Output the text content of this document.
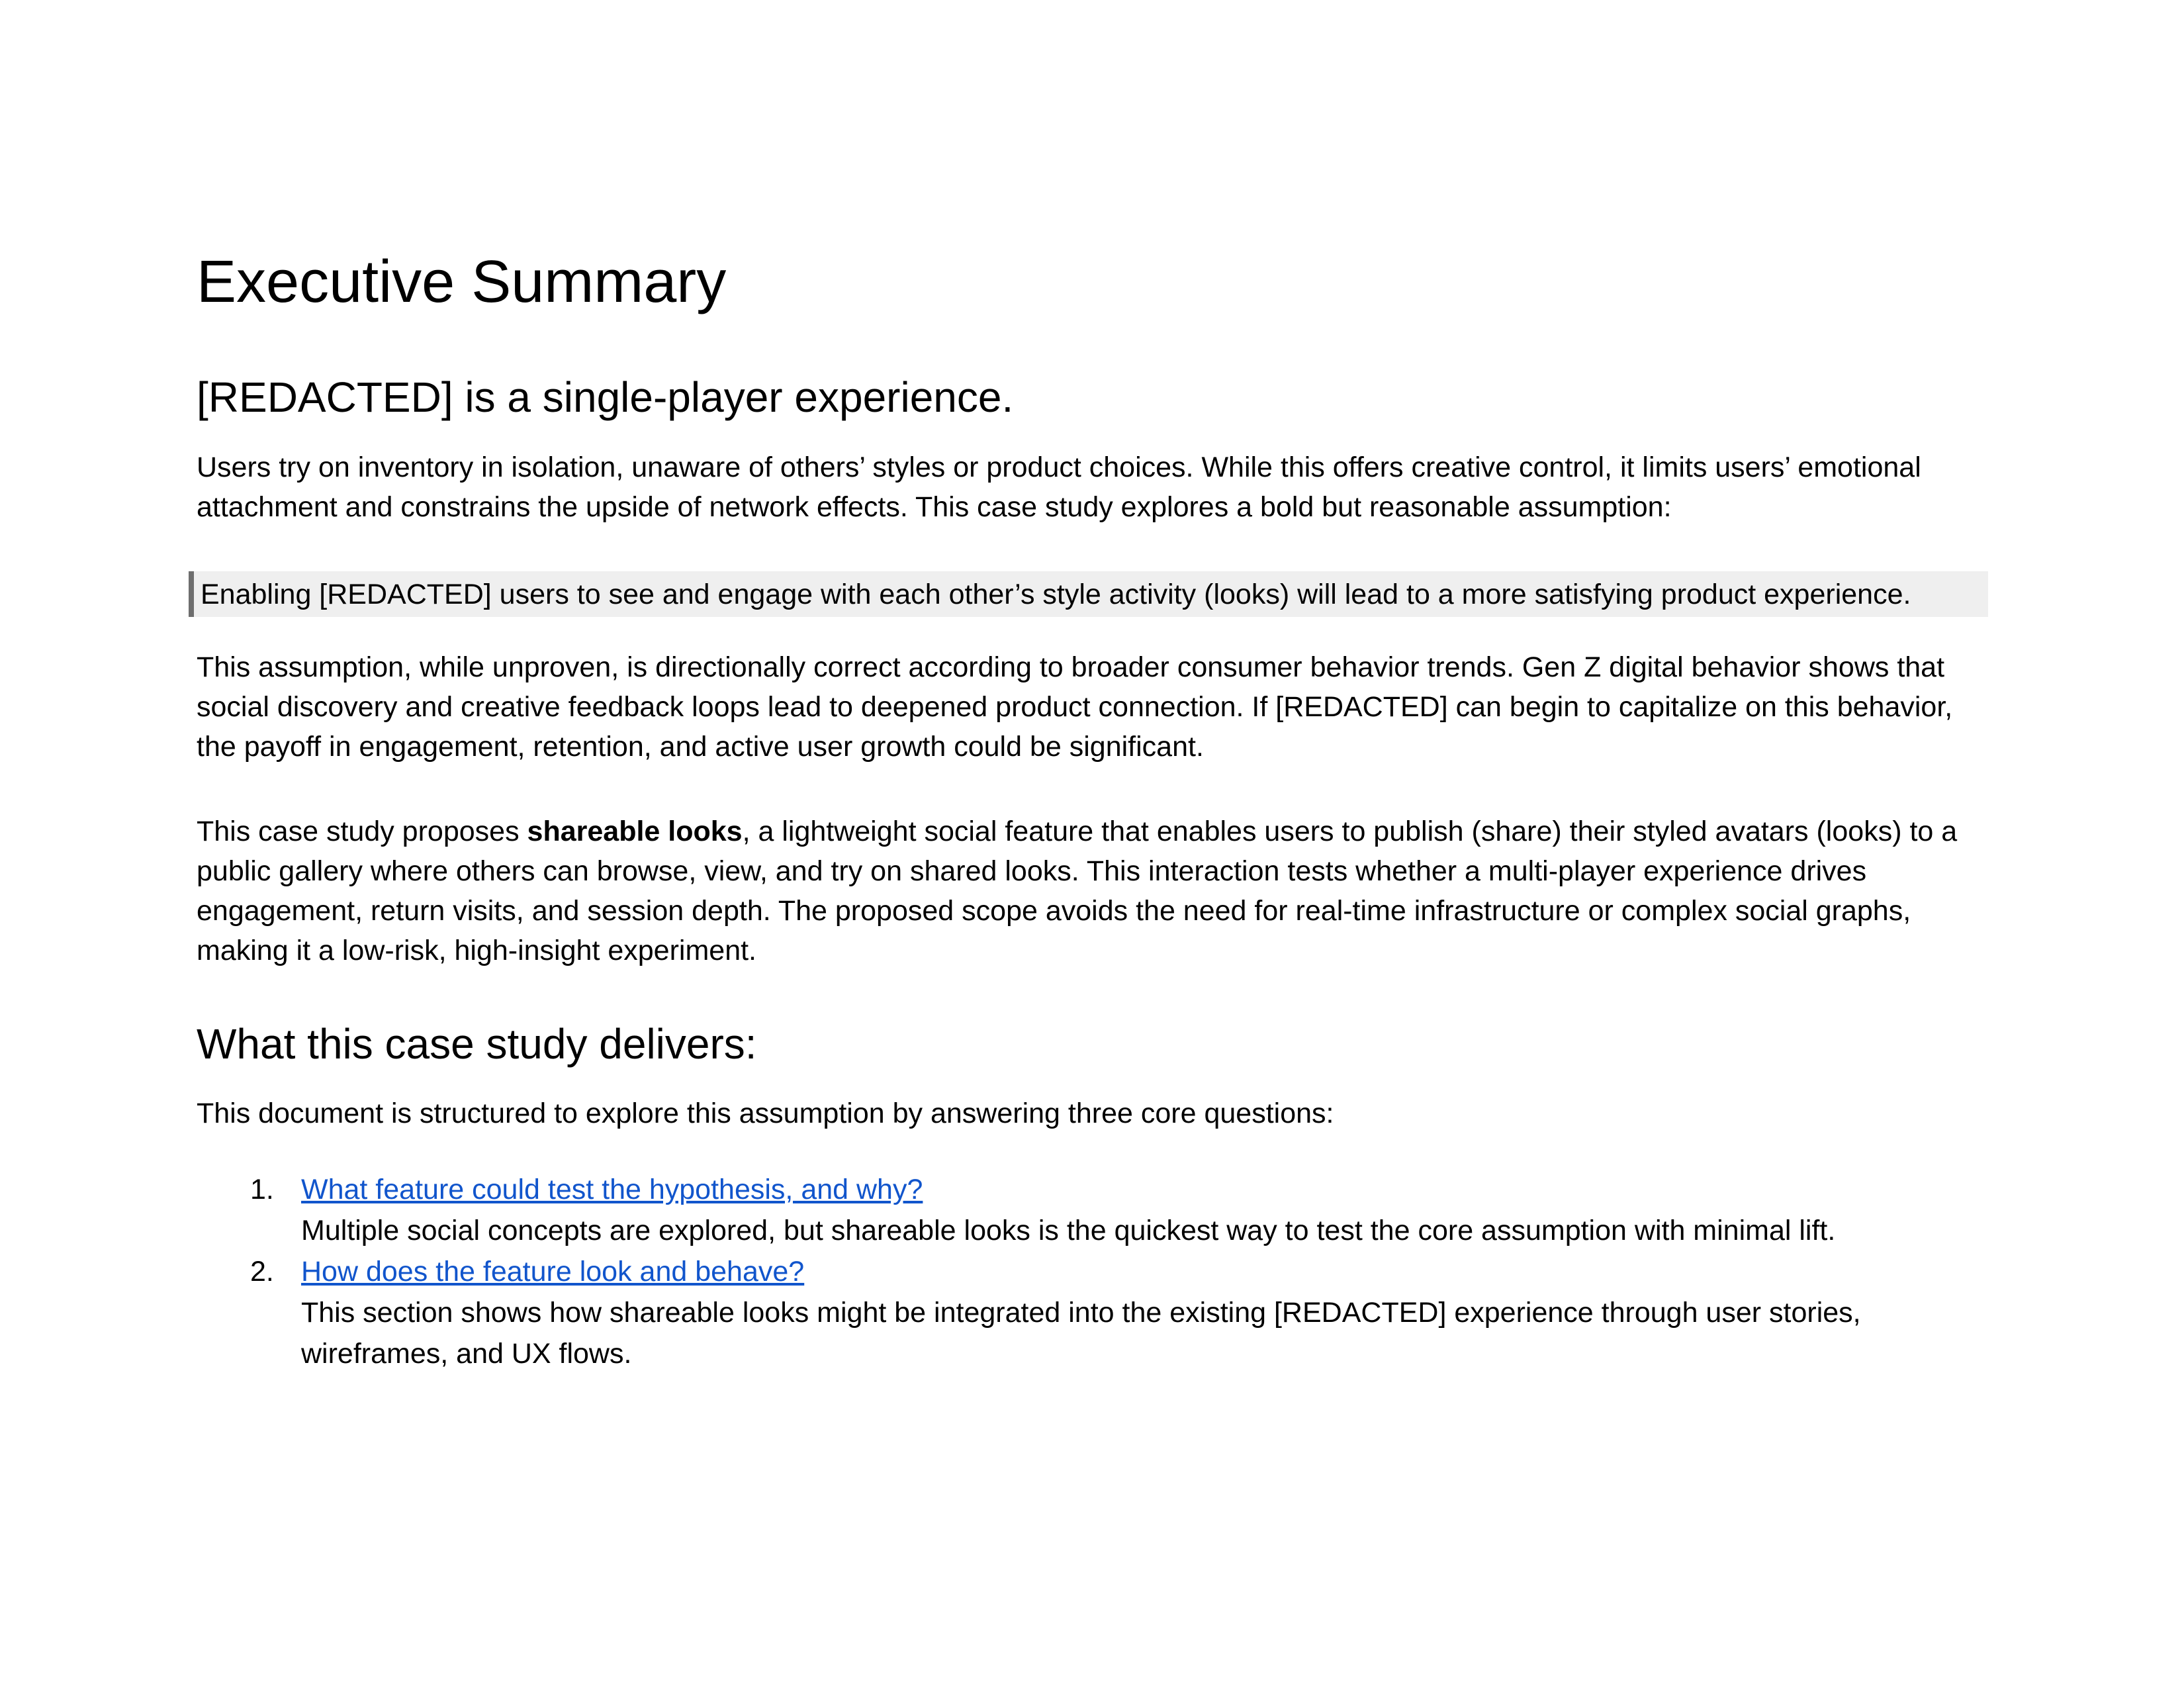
Executive Summary
[REDACTED] is a single-player experience.

Users try on inventory in isolation, unaware of others’ styles or product choices. While this offers creative control, it limits users’ emotional attachment and constrains the upside of network effects. This case study explores a bold but reasonable assumption:

Enabling [REDACTED] users to see and engage with each other’s style activity (looks) will lead to a more satisfying product experience.

This assumption, while unproven, is directionally correct according to broader consumer behavior trends. Gen Z digital behavior shows that social discovery and creative feedback loops lead to deepened product connection. If [REDACTED] can begin to capitalize on this behavior, the payoff in engagement, retention, and active user growth could be significant.

This case study proposes shareable looks, a lightweight social feature that enables users to publish (share) their styled avatars (looks) to a public gallery where others can browse, view, and try on shared looks. This interaction tests whether a multi-player experience drives engagement, return visits, and session depth. The proposed scope avoids the need for real-time infrastructure or complex social graphs, making it a low-risk, high-insight experiment.

What this case study delivers:

This document is structured to explore this assumption by answering three core questions:

1. What feature could test the hypothesis, and why?
Multiple social concepts are explored, but shareable looks is the quickest way to test the core assumption with minimal lift.
2. How does the feature look and behave?
This section shows how shareable looks might be integrated into the existing [REDACTED] experience through user stories, wireframes, and UX flows.
